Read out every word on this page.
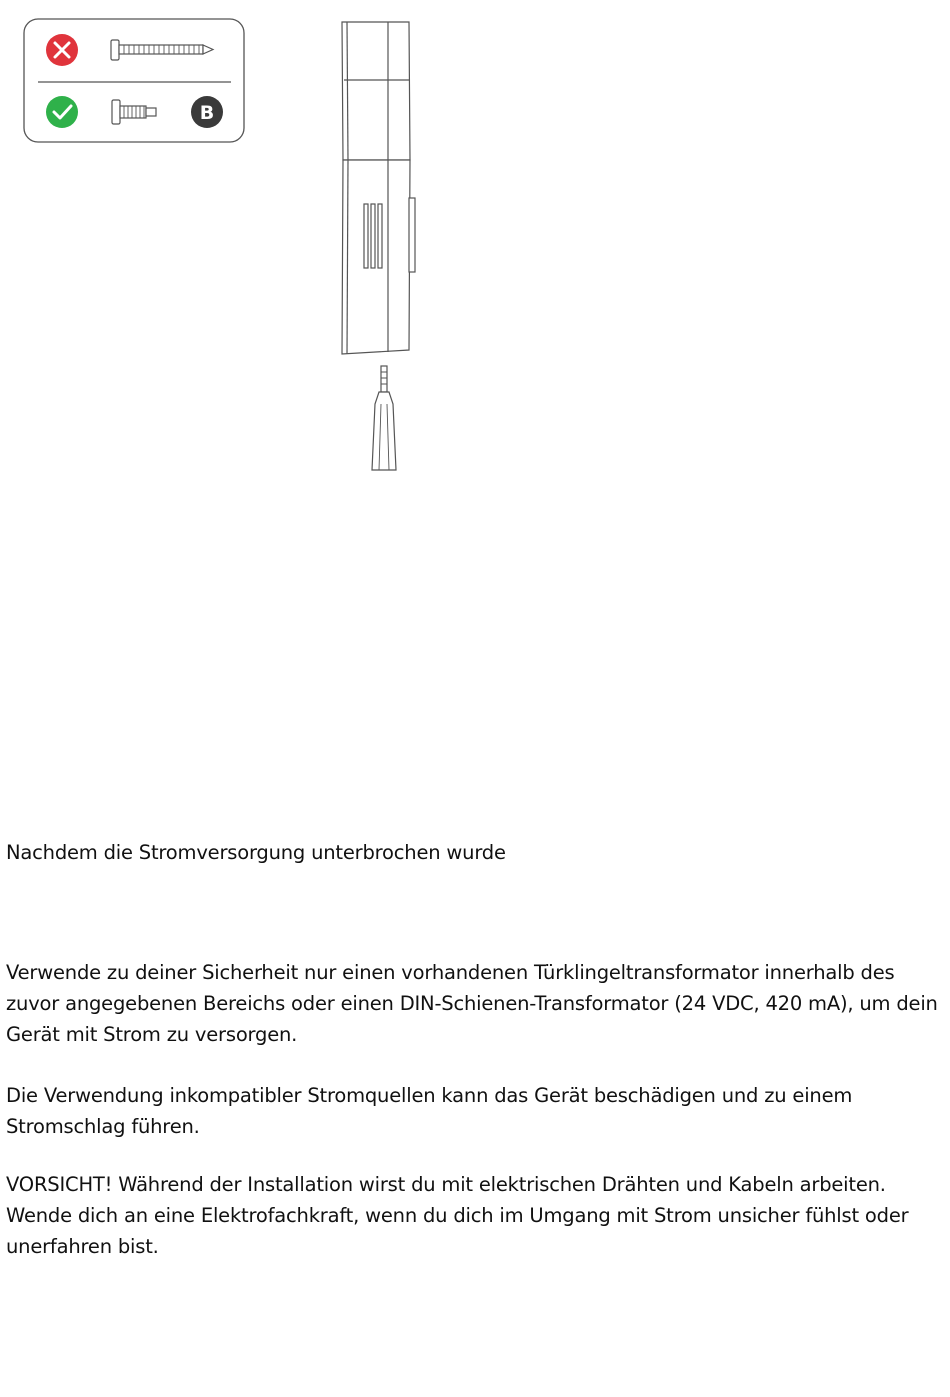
B

Nachdem die Stromversorgung unterbrochen wurde

Verwende zu deiner Sicherheit nur einen vorhandenen Türklingeltransformator innerhalb des zuvor angegebenen Bereichs oder einen DIN-Schienen-Transformator (24 VDC, 420 mA), um dein Gerät mit Strom zu versorgen.

Die Verwendung inkompatibler Stromquellen kann das Gerät beschädigen und zu einem Stromschlag führen.

VORSICHT! Während der Installation wirst du mit elektrischen Drähten und Kabeln arbeiten. Wende dich an eine Elektrofachkraft, wenn du dich im Umgang mit Strom unsicher fühlst oder unerfahren bist.
